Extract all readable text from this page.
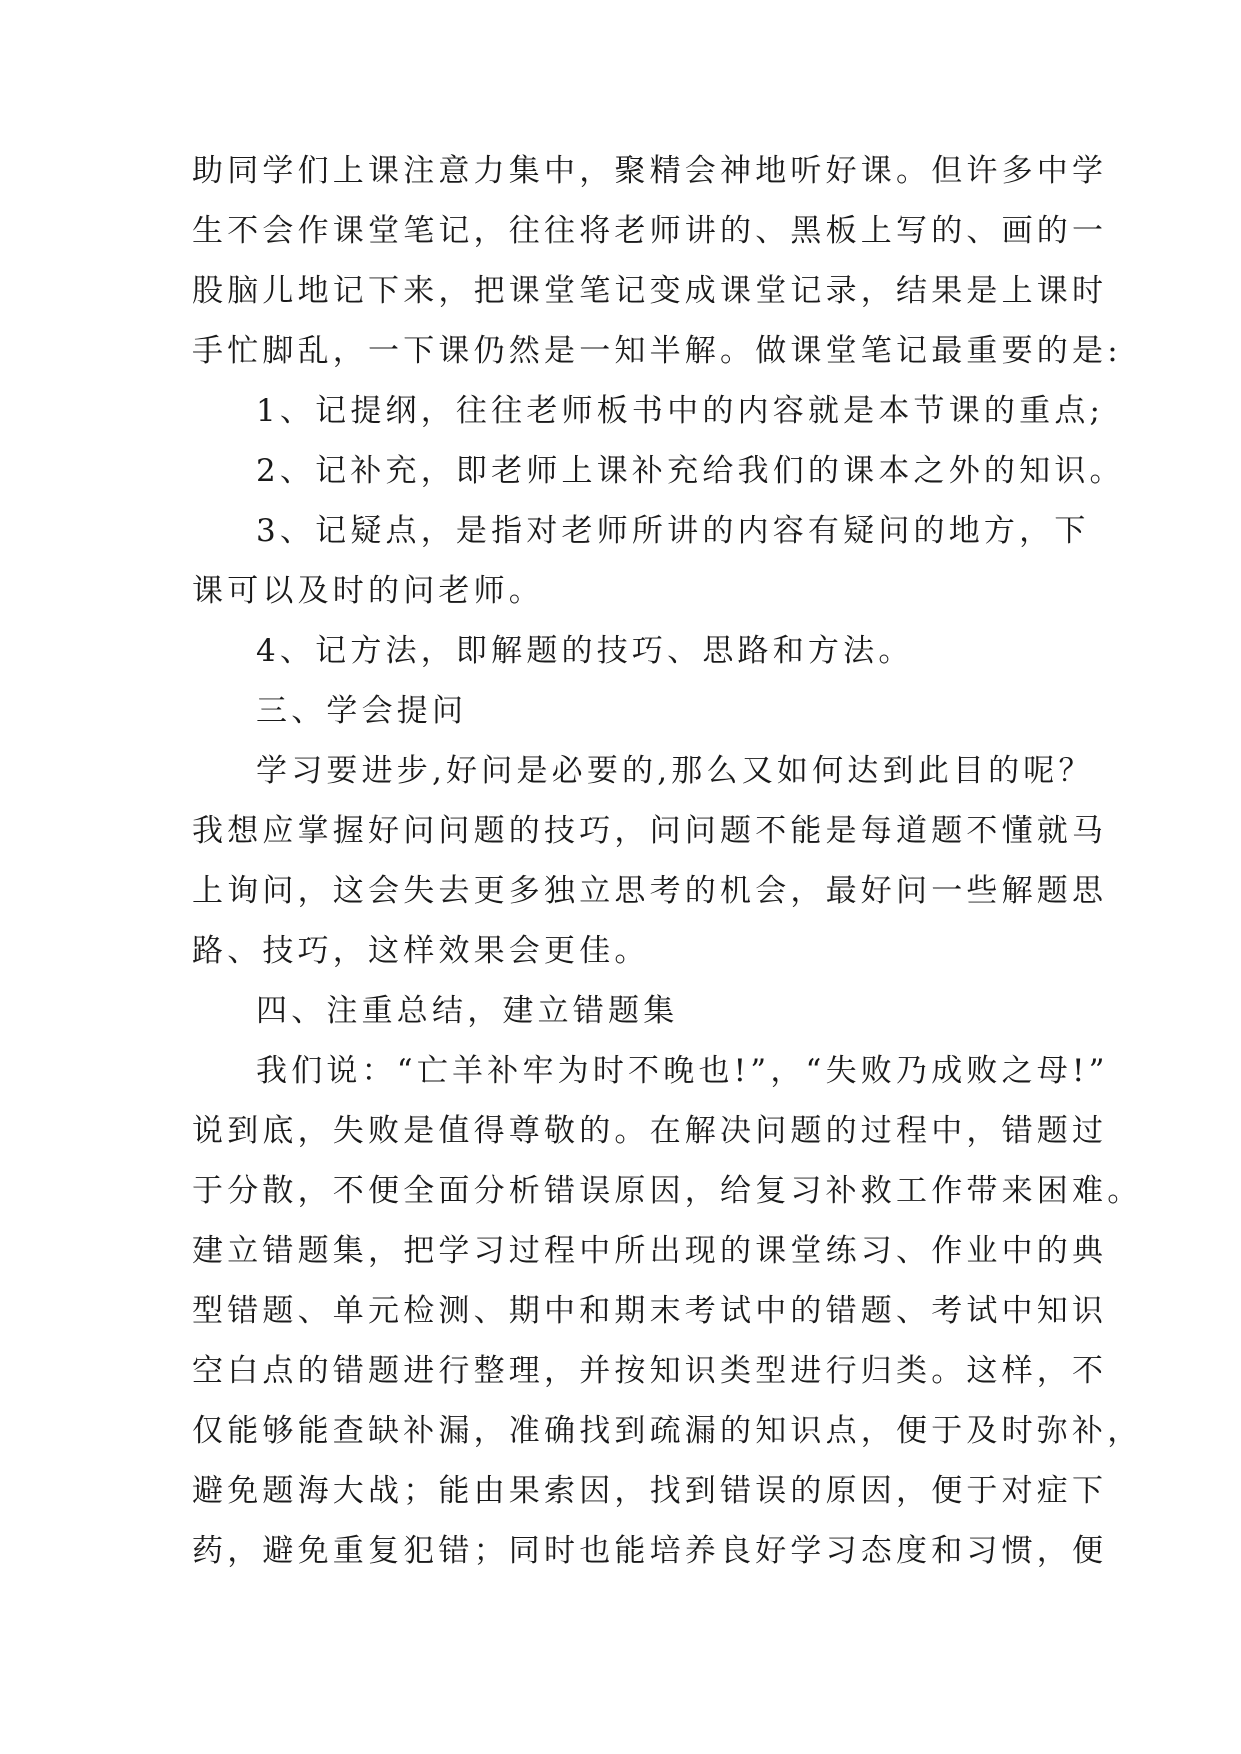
助同学们上课注意力集中，聚精会神地听好课。但许多中学
生不会作课堂笔记，往往将老师讲的、黑板上写的、画的一
股脑儿地记下来，把课堂笔记变成课堂记录，结果是上课时
手忙脚乱，一下课仍然是一知半解。做课堂笔记最重要的是:
1、记提纲，往往老师板书中的内容就是本节课的重点;
2、记补充，即老师上课补充给我们的课本之外的知识。
3、记疑点，是指对老师所讲的内容有疑问的地方，下
课可以及时的问老师。
4、记方法，即解题的技巧、思路和方法。
三、学会提问
学习要进步,好问是必要的,那么又如何达到此目的呢？
我想应掌握好问问题的技巧，问问题不能是每道题不懂就马
上询问，这会失去更多独立思考的机会，最好问一些解题思
路、技巧，这样效果会更佳。
四、注重总结，建立错题集
我们说：“亡羊补牢为时不晚也!”，“失败乃成败之母!”
说到底，失败是值得尊敬的。在解决问题的过程中，错题过
于分散，不便全面分析错误原因，给复习补救工作带来困难。
建立错题集，把学习过程中所出现的课堂练习、作业中的典
型错题、单元检测、期中和期末考试中的错题、考试中知识
空白点的错题进行整理，并按知识类型进行归类。这样，不
仅能够能查缺补漏，准确找到疏漏的知识点，便于及时弥补，
避免题海大战；能由果索因，找到错误的原因，便于对症下
药，避免重复犯错；同时也能培养良好学习态度和习惯，便
